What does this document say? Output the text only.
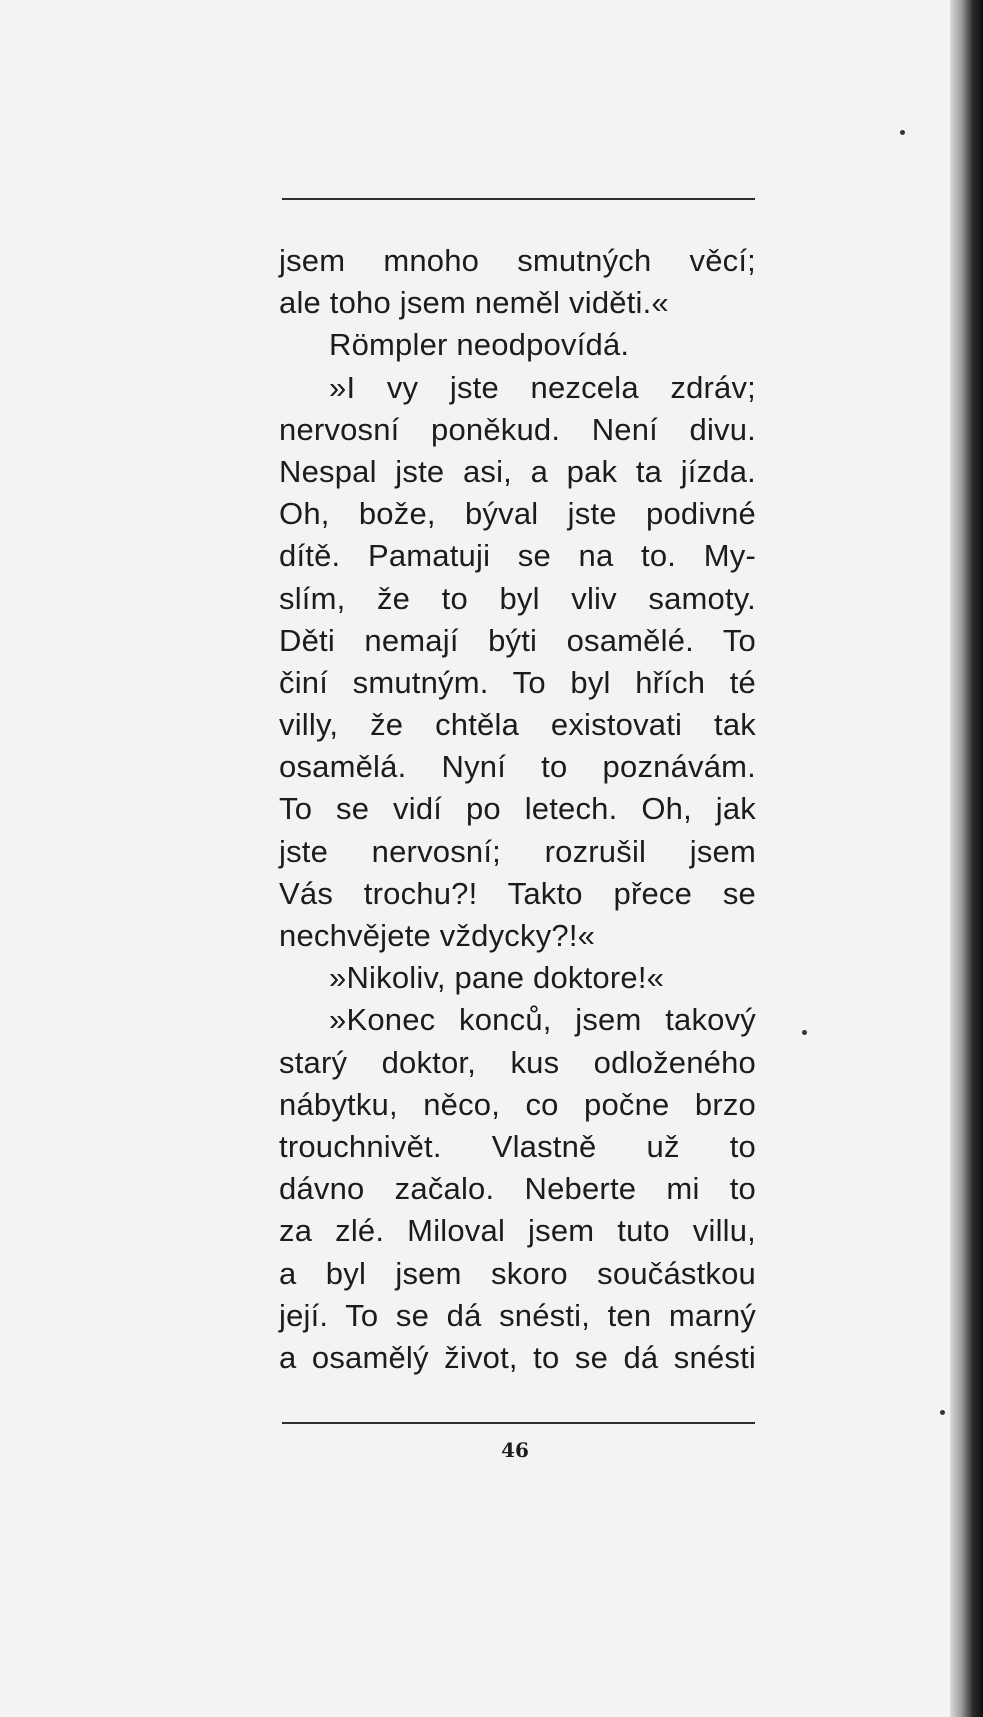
jsem mnoho smutných věcí;
ale toho jsem neměl viděti.«
Römpler neodpovídá.
»I vy jste nezcela zdráv;
nervosní poněkud. Není divu.
Nespal jste asi, a pak ta jízda.
Oh, bože, býval jste podivné
dítě. Pamatuji se na to. My-
slím, že to byl vliv samoty.
Děti nemají býti osamělé. To
činí smutným. To byl hřích té
villy, že chtěla existovati tak
osamělá. Nyní to poznávám.
To se vidí po letech. Oh, jak
jste nervosní; rozrušil jsem
Vás trochu?! Takto přece se
nechvějete vždycky?!«
»Nikoliv, pane doktore!«
»Konec konců, jsem takový
starý doktor, kus odloženého
nábytku, něco, co počne brzo
trouchnivět. Vlastně už to
dávno začalo. Neberte mi to
za zlé. Miloval jsem tuto villu,
a byl jsem skoro součástkou
její. To se dá snésti, ten marný
a osamělý život, to se dá snésti
46
